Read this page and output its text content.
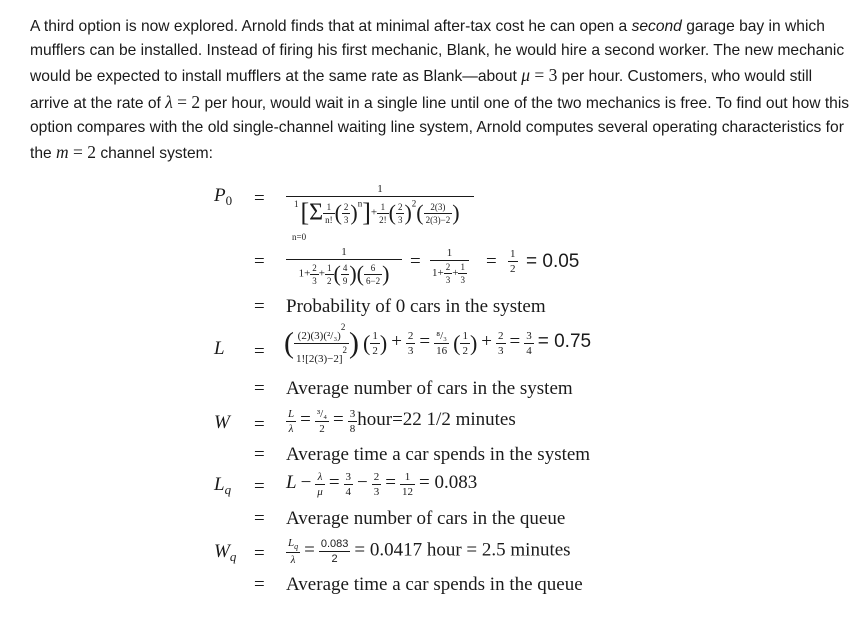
A third option is now explored. Arnold finds that at minimal after-tax cost he can open a second garage bay in which mufflers can be installed. Instead of firing his first mechanic, Blank, he would hire a second worker. The new mechanic would be expected to install mufflers at the same rate as Blank—about μ = 3 per hour. Customers, who would still arrive at the rate of λ = 2 per hour, would wait in a single line until one of the two mechanics is free. To find out how this option compares with the old single-channel waiting line system, Arnold computes several operating characteristics for the m = 2 channel system:
$P_0 = \frac{1}{[\Sigma \frac{1}{n!} ( \frac{2}{3} )^n]+ \frac{1}{2!} ( \frac{2}{3} )^2( \frac{2(3)}{2(3)-2} )}$
1
n=0
= $\frac{1}{1+ \frac{2}{3} + \frac{1}{2} ( \frac{4}{9} )( \frac{6}{6-2} )} = \frac{1}{1+ \frac{2}{3} + \frac{1}{3}} = \frac{1}{2} = 0.05$
= Probability of 0 cars in the system
L = ( $\frac{(2)(3)(^2/_3)^2}{1![2(3)-2]^2}$ ) ( $\frac{1}{2}$ ) + $\frac{2}{3} = \frac{\text{⁸/₃}}{16}$ ( $\frac{1}{2}$ ) + $\frac{2}{3} = \frac{3}{4} = 0.75$
= Average number of cars in the system
$W = \frac{L}{\lambda} = \frac{\text{³/₄}}{2} = \frac{3}{8}$ hour=22 1/2 minutes
= Average time a car spends in the system
$L_q = L - \frac{\lambda}{\mu} = \frac{3}{4} - \frac{2}{3} = \frac{1}{12} = 0.083$
= Average number of cars in the queue
$W_q = \frac{L_q}{\lambda} = \frac{0.083}{2} = 0.0417$ hour = 2.5 minutes
= Average time a car spends in the queue
